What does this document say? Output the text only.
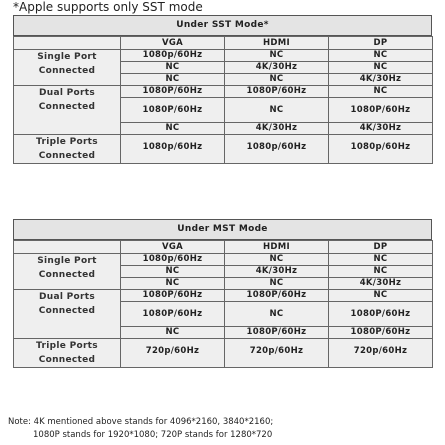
*Apple supports only SST mode
Under SST Mode*
	VGA	HDMI	DP
Single Port
Connected	1080p/60Hz	NC	NC
	NC	4K/30Hz	NC
	NC	NC	4K/30Hz
Dual Ports
Connected	1080P/60Hz	1080P/60Hz	NC
	1080P/60Hz	NC	1080P/60Hz
	NC	4K/30Hz	4K/30Hz
Triple Ports
Connected	1080p/60Hz	1080p/60Hz	1080p/60Hz
Under MST Mode
	VGA	HDMI	DP
Single Port
Connected	1080p/60Hz	NC	NC
	NC	4K/30Hz	NC
	NC	NC	4K/30Hz
Dual Ports
Connected	1080P/60Hz	1080P/60Hz	NC
	1080P/60Hz	NC	1080P/60Hz
	NC	1080P/60Hz	1080P/60Hz
Triple Ports
Connected	720p/60Hz	720p/60Hz	720p/60Hz
Note: 4K mentioned above stands for 4096*2160, 3840*2160;
1080P stands for 1920*1080; 720P stands for 1280*720
